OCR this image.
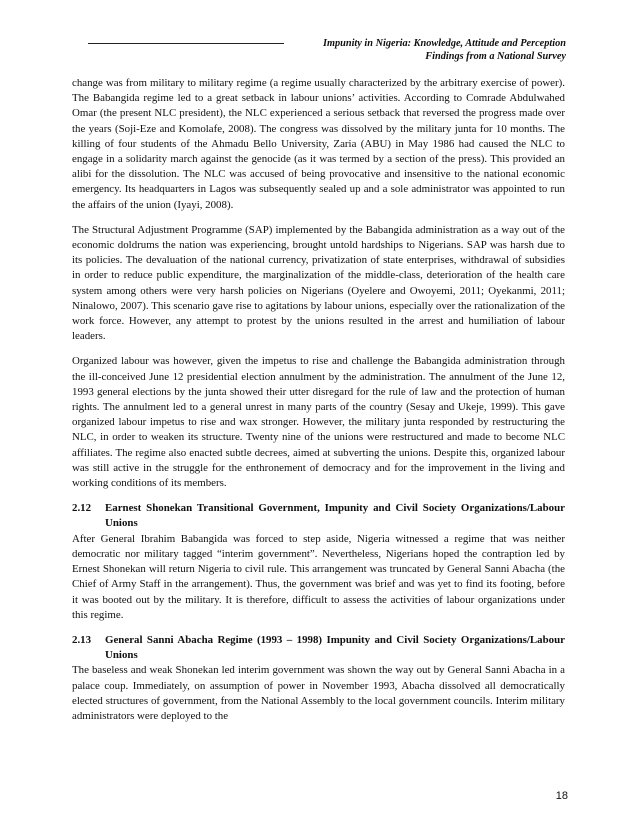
Impunity in Nigeria: Knowledge, Attitude and Perception
Findings from a National Survey

change was from military to military regime (a regime usually characterized by the arbitrary exercise of power). The Babangida regime led to a great setback in labour unions’ activities. According to Comrade Abdulwahed Omar (the present NLC president), the NLC experienced a serious setback that reversed the progress made over the years (Soji-Eze and Komolafe, 2008). The congress was dissolved by the military junta for 10 months. The killing of four students of the Ahmadu Bello University, Zaria (ABU) in May 1986 had caused the NLC to engage in a solidarity march against the genocide (as it was termed by a section of the press). This provided an alibi for the dissolution. The NLC was accused of being provocative and insensitive to the national economic emergency. Its headquarters in Lagos was subsequently sealed up and a sole administrator was appointed to run the affairs of the union (Iyayi, 2008).

The Structural Adjustment Programme (SAP) implemented by the Babangida administration as a way out of the economic doldrums the nation was experiencing, brought untold hardships to Nigerians. SAP was harsh due to its policies. The devaluation of the national currency, privatization of state enterprises, withdrawal of subsidies in order to reduce public expenditure, the marginalization of the middle-class, deterioration of the health care system among others were very harsh policies on Nigerians (Oyelere and Owoyemi, 2011; Oyekanmi, 2011; Ninalowo, 2007). This scenario gave rise to agitations by labour unions, especially over the rationalization of the work force. However, any attempt to protest by the unions resulted in the arrest and humiliation of labour leaders.

Organized labour was however, given the impetus to rise and challenge the Babangida administration through the ill-conceived June 12 presidential election annulment by the administration. The annulment of the June 12, 1993 general elections by the junta showed their utter disregard for the rule of law and the protection of human rights. The annulment led to a general unrest in many parts of the country (Sesay and Ukeje, 1999). This gave organized labour impetus to rise and wax stronger. However, the military junta responded by restructuring the NLC, in order to weaken its structure. Twenty nine of the unions were restructured and made to become NLC affiliates. The regime also enacted subtle decrees, aimed at subverting the unions. Despite this, organized labour was still active in the struggle for the enthronement of democracy and for the improvement in the living and working conditions of its members.

2.12	Earnest Shonekan Transitional Government, Impunity and Civil Society Organizations/Labour Unions

After General Ibrahim Babangida was forced to step aside, Nigeria witnessed a regime that was neither democratic nor military tagged “interim government”. Nevertheless, Nigerians hoped the contraption led by Ernest Shonekan will return Nigeria to civil rule. This arrangement was truncated by General Sanni Abacha (the Chief of Army Staff in the arrangement). Thus, the government was brief and was yet to find its footing, before it was booted out by the military. It is therefore, difficult to assess the activities of labour organizations under this regime.

2.13	General Sanni Abacha Regime (1993 – 1998) Impunity and Civil Society Organizations/Labour Unions

The baseless and weak Shonekan led interim government was shown the way out by General Sanni Abacha in a palace coup. Immediately, on assumption of power in November 1993, Abacha dissolved all democratically elected structures of government, from the National Assembly to the local government councils. Interim military administrators were deployed to the

18
